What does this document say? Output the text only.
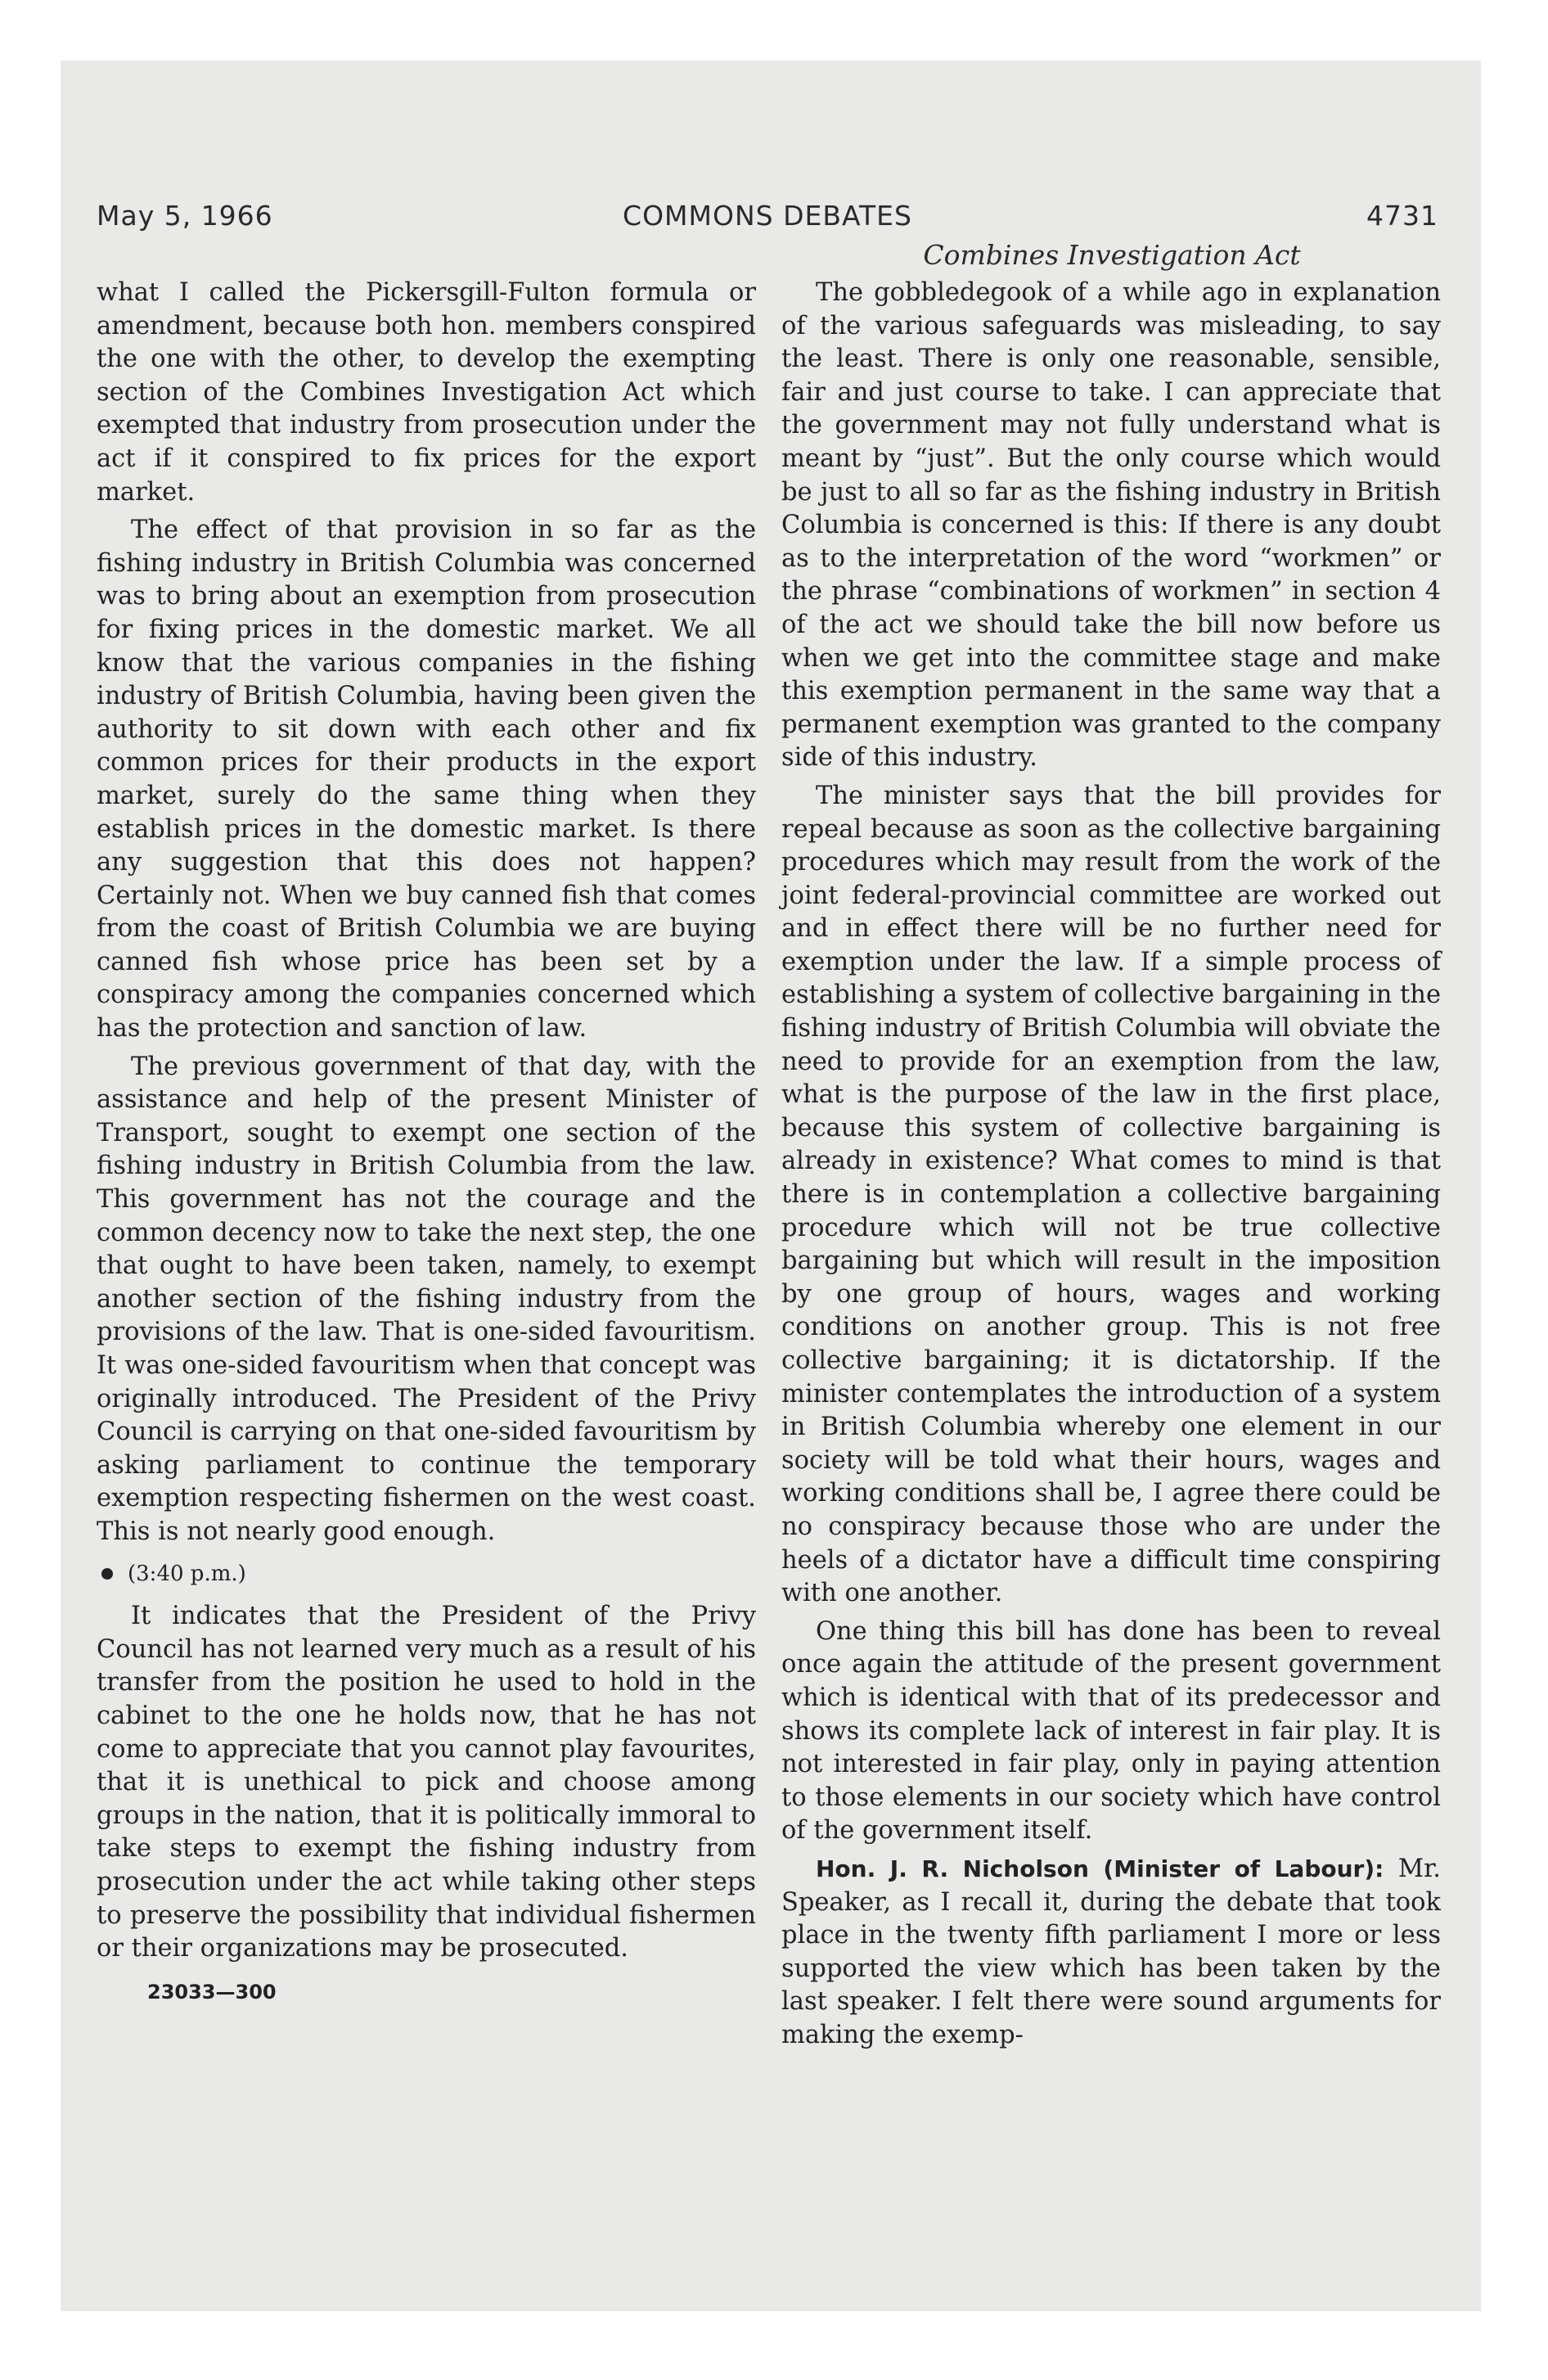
May 5, 1966	COMMONS DEBATES	4731
Combines Investigation Act

what I called the Pickersgill-Fulton formula or amendment, because both hon. members conspired the one with the other, to develop the exempting section of the Combines Investigation Act which exempted that industry from prosecution under the act if it conspired to fix prices for the export market.

The effect of that provision in so far as the fishing industry in British Columbia was concerned was to bring about an exemption from prosecution for fixing prices in the domestic market. We all know that the various companies in the fishing industry of British Columbia, having been given the authority to sit down with each other and fix common prices for their products in the export market, surely do the same thing when they establish prices in the domestic market. Is there any suggestion that this does not happen? Certainly not. When we buy canned fish that comes from the coast of British Columbia we are buying canned fish whose price has been set by a conspiracy among the companies concerned which has the protection and sanction of law.

The previous government of that day, with the assistance and help of the present Minister of Transport, sought to exempt one section of the fishing industry in British Columbia from the law. This government has not the courage and the common decency now to take the next step, the one that ought to have been taken, namely, to exempt another section of the fishing industry from the provisions of the law. That is one-sided favouritism. It was one-sided favouritism when that concept was originally introduced. The President of the Privy Council is carrying on that one-sided favouritism by asking parliament to continue the temporary exemption respecting fishermen on the west coast. This is not nearly good enough.

(3:40 p.m.)

It indicates that the President of the Privy Council has not learned very much as a result of his transfer from the position he used to hold in the cabinet to the one he holds now, that he has not come to appreciate that you cannot play favourites, that it is unethical to pick and choose among groups in the nation, that it is politically immoral to take steps to exempt the fishing industry from prosecution under the act while taking other steps to preserve the possibility that individual fishermen or their organizations may be prosecuted.

23033—300

The gobbledegook of a while ago in explanation of the various safeguards was misleading, to say the least. There is only one reasonable, sensible, fair and just course to take. I can appreciate that the government may not fully understand what is meant by “just”. But the only course which would be just to all so far as the fishing industry in British Columbia is concerned is this: If there is any doubt as to the interpretation of the word “workmen” or the phrase “combinations of workmen” in section 4 of the act we should take the bill now before us when we get into the committee stage and make this exemption permanent in the same way that a permanent exemption was granted to the company side of this industry.

The minister says that the bill provides for repeal because as soon as the collective bargaining procedures which may result from the work of the joint federal-provincial committee are worked out and in effect there will be no further need for exemption under the law. If a simple process of establishing a system of collective bargaining in the fishing industry of British Columbia will obviate the need to provide for an exemption from the law, what is the purpose of the law in the first place, because this system of collective bargaining is already in existence? What comes to mind is that there is in contemplation a collective bargaining procedure which will not be true collective bargaining but which will result in the imposition by one group of hours, wages and working conditions on another group. This is not free collective bargaining; it is dictatorship. If the minister contemplates the introduction of a system in British Columbia whereby one element in our society will be told what their hours, wages and working conditions shall be, I agree there could be no conspiracy because those who are under the heels of a dictator have a difficult time conspiring with one another.

One thing this bill has done has been to reveal once again the attitude of the present government which is identical with that of its predecessor and shows its complete lack of interest in fair play. It is not interested in fair play, only in paying attention to those elements in our society which have control of the government itself.

Hon. J. R. Nicholson (Minister of Labour): Mr. Speaker, as I recall it, during the debate that took place in the twenty fifth parliament I more or less supported the view which has been taken by the last speaker. I felt there were sound arguments for making the exemp-
